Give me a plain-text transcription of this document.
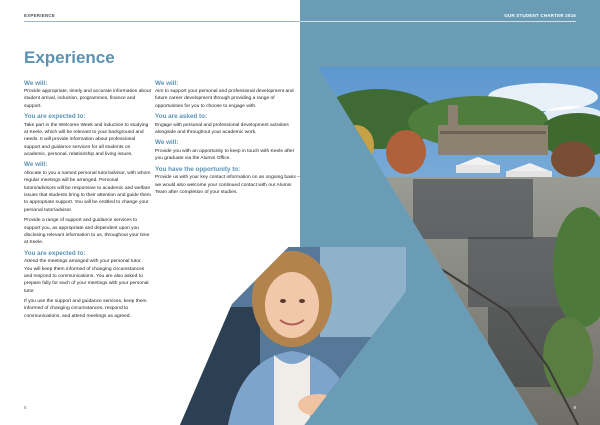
EXPERIENCE	OUR STUDENT CHARTER 2016
Experience
We will:

Provide appropriate, timely and accurate information about student arrival, induction, programmes, finance and support.

You are expected to:

Take part in the Welcome Week and induction to studying at Keele, which will be relevant to your background and needs. It will provide information about professional support and guidance services for all students on academic, personal, relationship and living issues.

We will:

Allocate to you a named personal tutor/advisor, with whom regular meetings will be arranged. Personal tutors/advisors will be responsive to academic and welfare issues that students bring to their attention and guide them to appropriate support. You will be entitled to change your personal tutor/advisor.

Provide a range of support and guidance services to support you, as appropriate and dependent upon you disclosing relevant information to us, throughout your time at Keele.

You are expected to:

Attend the meetings arranged with your personal tutor. You will keep them informed of changing circumstances and respond to communications. You are also asked to prepare fully for each of your meetings with your personal tutor.

If you use the support and guidance services, keep them informed of changing circumstances, respond to communications, and attend meetings as agreed.

We will:

Aim to support your personal and professional development and future career development through providing a range of opportunities for you to choose to engage with.

You are asked to:

Engage with personal and professional development activities alongside and throughout your academic work.

We will:

Provide you with an opportunity to keep in touch with Keele after you graduate via the Alumni Office.

You have the opportunity to:

Provide us with your key contact information on an ongoing basis – we would also welcome your continued contact with our Alumni Team after completion of your studies.

8	9
